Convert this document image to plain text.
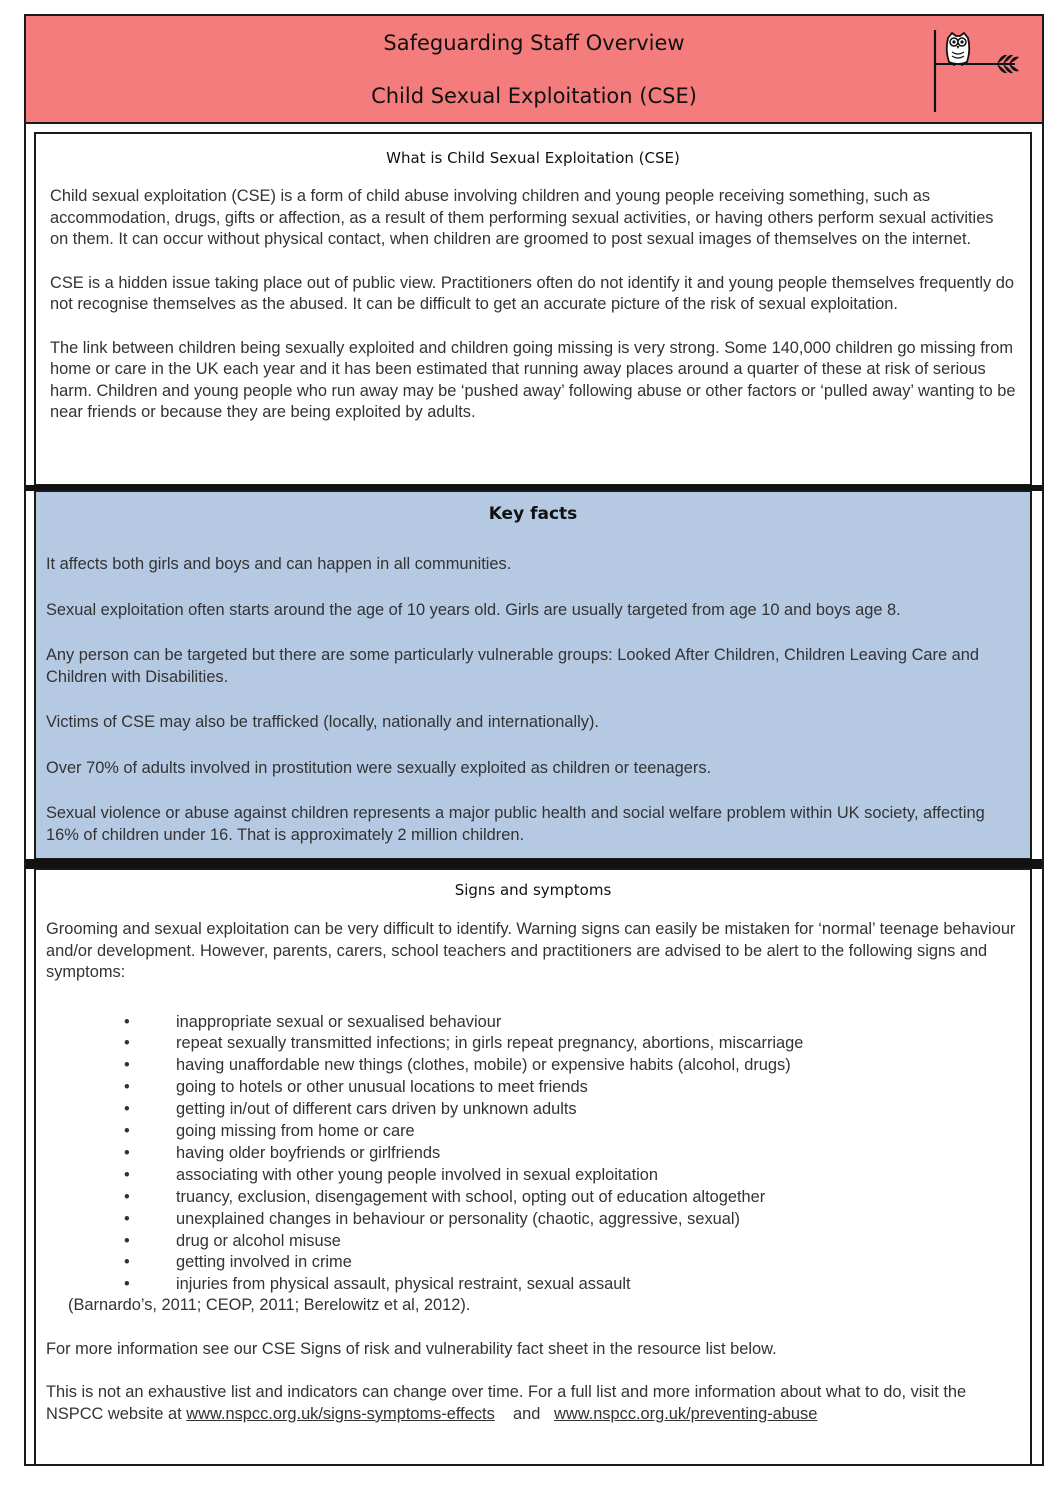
Safeguarding Staff Overview
Child Sexual Exploitation (CSE)
What is Child Sexual Exploitation (CSE)

Child sexual exploitation (CSE) is a form of child abuse involving children and young people receiving something, such as accommodation, drugs, gifts or affection, as a result of them performing sexual activities, or having others perform sexual activities on them. It can occur without physical contact, when children are groomed to post sexual images of themselves on the internet.

CSE is a hidden issue taking place out of public view. Practitioners often do not identify it and young people themselves frequently do not recognise themselves as the abused. It can be difficult to get an accurate picture of the risk of sexual exploitation.

The link between children being sexually exploited and children going missing is very strong. Some 140,000 children go missing from home or care in the UK each year and it has been estimated that running away places around a quarter of these at risk of serious harm. Children and young people who run away may be ‘pushed away’ following abuse or other factors or ‘pulled away’ wanting to be near friends or because they are being exploited by adults.

Key facts

It affects both girls and boys and can happen in all communities.

Sexual exploitation often starts around the age of 10 years old. Girls are usually targeted from age 10 and boys age 8.

Any person can be targeted but there are some particularly vulnerable groups: Looked After Children, Children Leaving Care and Children with Disabilities.

Victims of CSE may also be trafficked (locally, nationally and internationally).

Over 70% of adults involved in prostitution were sexually exploited as children or teenagers.

Sexual violence or abuse against children represents a major public health and social welfare problem within UK society, affecting 16% of children under 16. That is approximately 2 million children.

Signs and symptoms

Grooming and sexual exploitation can be very difficult to identify. Warning signs can easily be mistaken for ‘normal’ teenage behaviour and/or development. However, parents, carers, school teachers and practitioners are advised to be alert to the following signs and symptoms:

•	inappropriate sexual or sexualised behaviour
•	repeat sexually transmitted infections; in girls repeat pregnancy, abortions, miscarriage
•	having unaffordable new things (clothes, mobile) or expensive habits (alcohol, drugs)
•	going to hotels or other unusual locations to meet friends
•	getting in/out of different cars driven by unknown adults
•	going missing from home or care
•	having older boyfriends or girlfriends
•	associating with other young people involved in sexual exploitation
•	truancy, exclusion, disengagement with school, opting out of education altogether
•	unexplained changes in behaviour or personality (chaotic, aggressive, sexual)
•	drug or alcohol misuse
•	getting involved in crime
•	injuries from physical assault, physical restraint, sexual assault

(Barnardo’s, 2011; CEOP, 2011; Berelowitz et al, 2012).

For more information see our CSE Signs of risk and vulnerability fact sheet in the resource list below.

This is not an exhaustive list and indicators can change over time. For a full list and more information about what to do, visit the NSPCC website at www.nspcc.org.uk/signs-symptoms-effects and www.nspcc.org.uk/preventing-abuse
